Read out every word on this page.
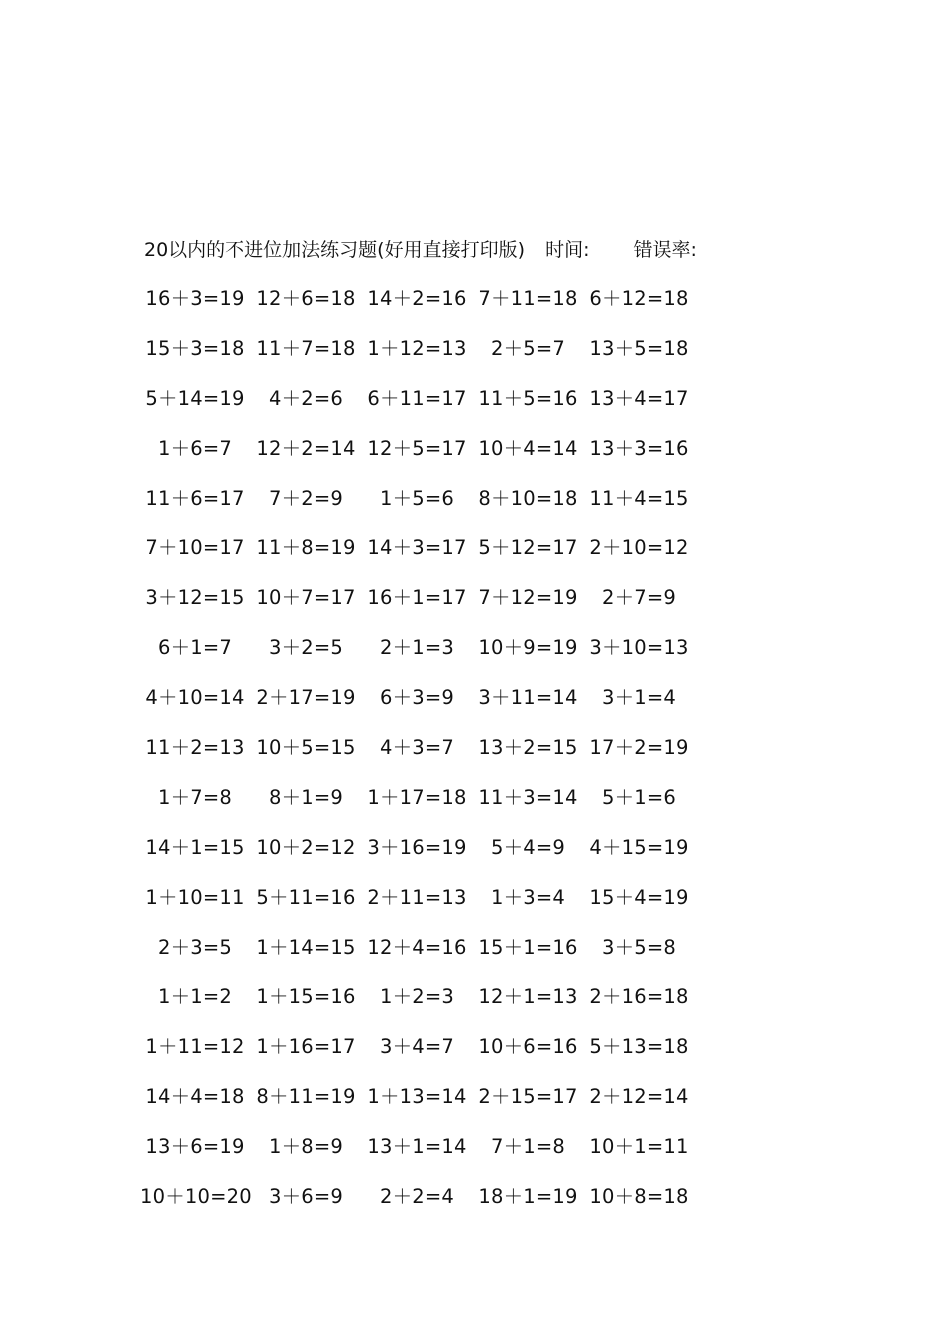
20以内的不进位加法练习题(好用直接打印版) 时间: 错误率:
16＋3=19 12＋6=18 14＋2=16 7＋11=18 6＋12=18
15＋3=18 11＋7=18 1＋12=13	2＋5=7	13＋5=18
5＋14=19	4＋2=6	6＋11=17 11＋5=16 13＋4=17
1＋6=7	12＋2=14 12＋5=17 10＋4=14 13＋3=16
11＋6=17	7＋2=9	1＋5=6	8＋10=18 11＋4=15
7＋10=17 11＋8=19 14＋3=17 5＋12=17 2＋10=12
3＋12=15 10＋7=17 16＋1=17 7＋12=19	2＋7=9
6＋1=7	3＋2=5	2＋1=3	10＋9=19 3＋10=13
4＋10=14 2＋17=19	6＋3=9	3＋11=14	3＋1=4
11＋2=13 10＋5=15	4＋3=7	13＋2=15 17＋2=19
1＋7=8	8＋1=9	1＋17=18 11＋3=14	5＋1=6
14＋1=15 10＋2=12 3＋16=19	5＋4=9	4＋15=19
1＋10=11 5＋11=16 2＋11=13	1＋3=4	15＋4=19
2＋3=5	1＋14=15 12＋4=16 15＋1=16	3＋5=8
1＋1=2	1＋15=16	1＋2=3	12＋1=13 2＋16=18
1＋11=12 1＋16=17	3＋4=7	10＋6=16 5＋13=18
14＋4=18 8＋11=19 1＋13=14 2＋15=17 2＋12=14
13＋6=19	1＋8=9	13＋1=14	7＋1=8	10＋1=11
10＋10=20 3＋6=9	2＋2=4	18＋1=19 10＋8=18
